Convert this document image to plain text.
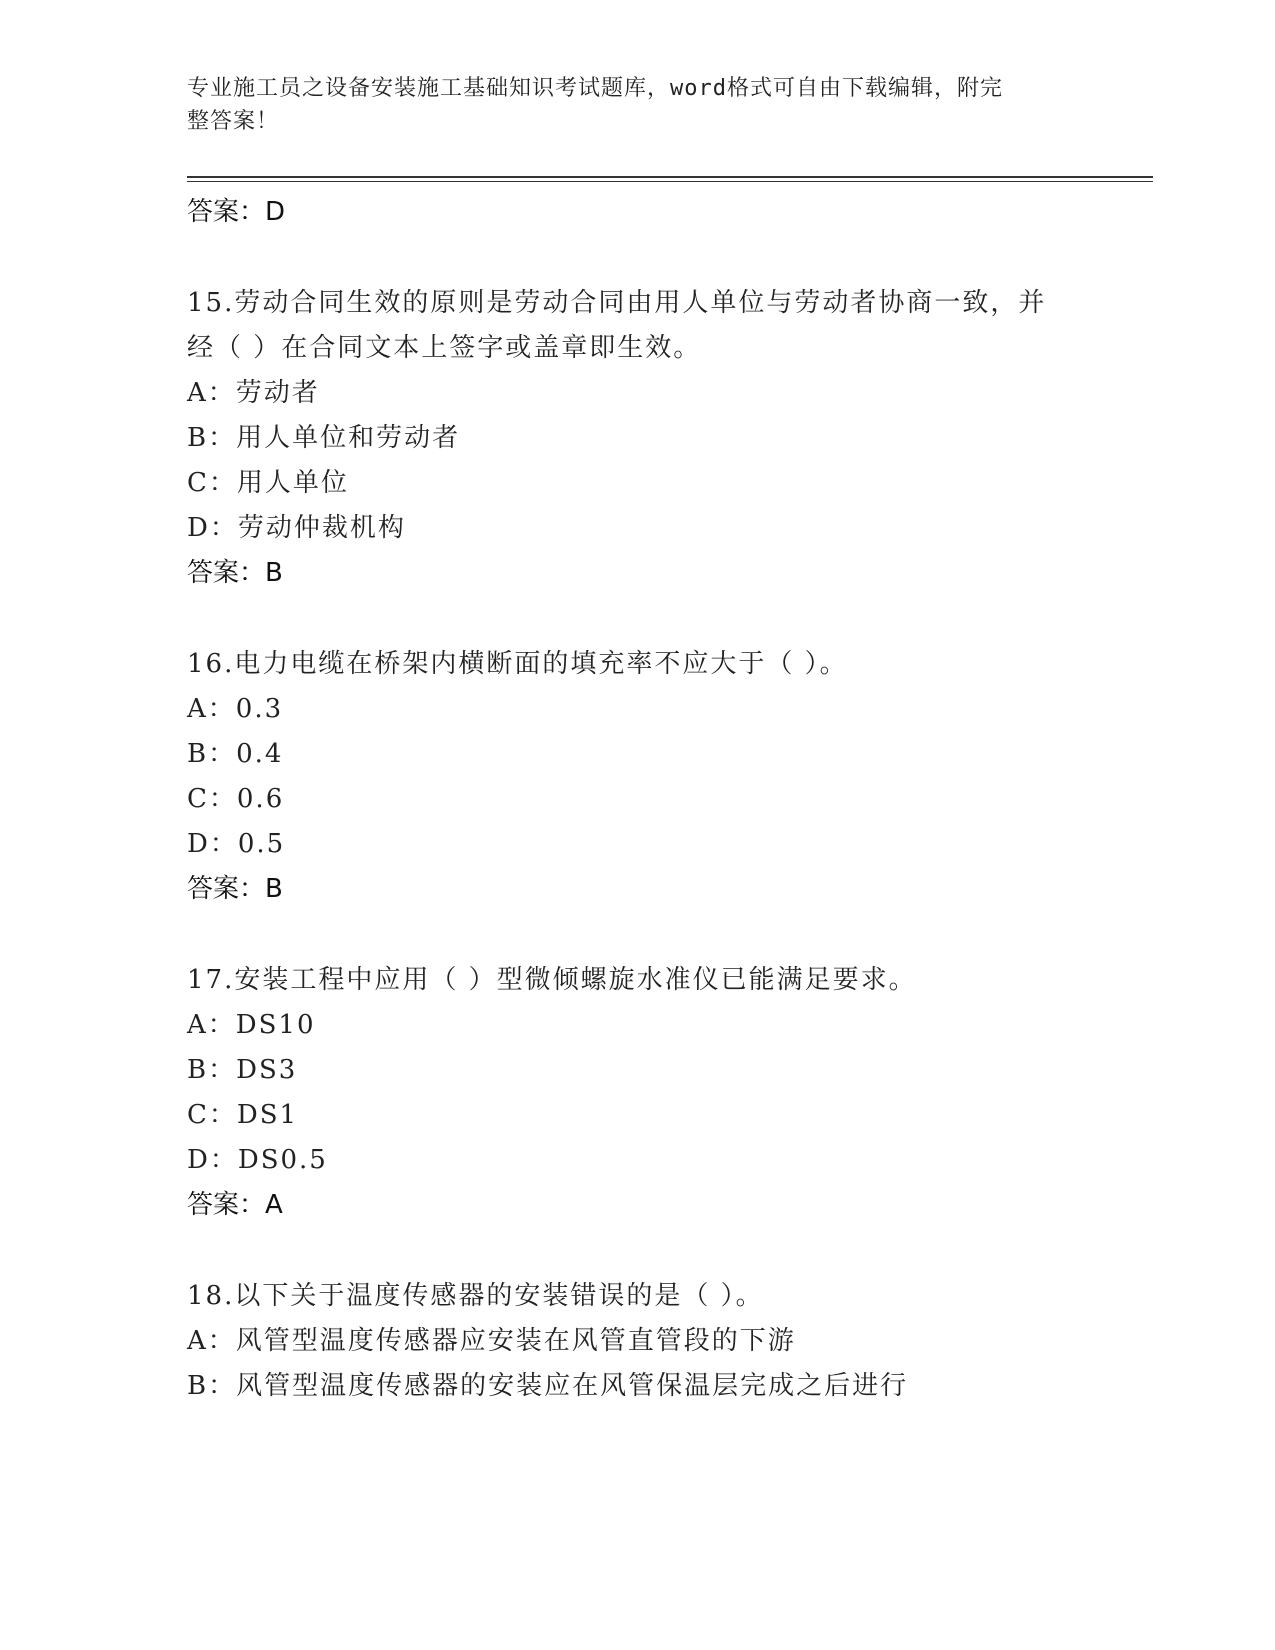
专业施工员之设备安装施工基础知识考试题库，word格式可自由下载编辑，附完
整答案！
答案：D
15.劳动合同生效的原则是劳动合同由用人单位与劳动者协商一致，并
经（ ）在合同文本上签字或盖章即生效。
A：劳动者
B：用人单位和劳动者
C：用人单位
D：劳动仲裁机构
答案：B
16.电力电缆在桥架内横断面的填充率不应大于（ ）。
A：0.3
B：0.4
C：0.6
D：0.5
答案：B
17.安装工程中应用（ ）型微倾螺旋水准仪已能满足要求。
A：DS10
B：DS3
C：DS1
D：DS0.5
答案：A
18.以下关于温度传感器的安装错误的是（ ）。
A：风管型温度传感器应安装在风管直管段的下游
B：风管型温度传感器的安装应在风管保温层完成之后进行
